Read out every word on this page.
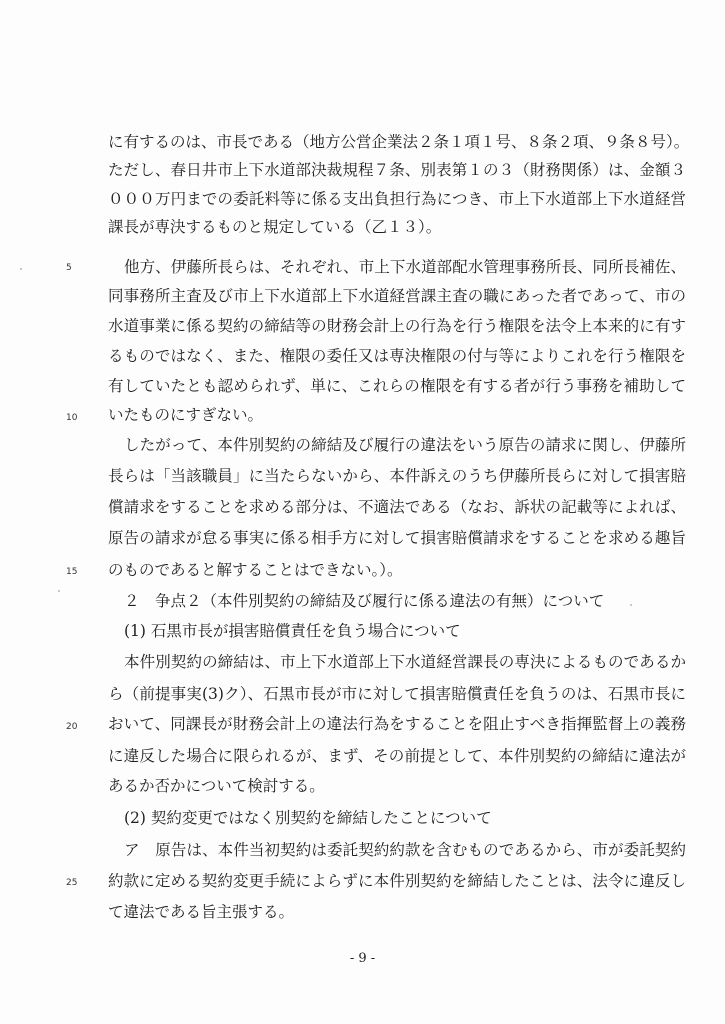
に有するのは、市長である（地方公営企業法２条１項１号、８条２項、９条８号）。
ただし、春日井市上下水道部決裁規程７条、別表第１の３（財務関係）は、金額３
０００万円までの委託料等に係る支出負担行為につき、市上下水道部上下水道経営
課長が専決するものと規定している（乙１３）。
5	他方、伊藤所長らは、それぞれ、市上下水道部配水管理事務所長、同所長補佐、
同事務所主査及び市上下水道部上下水道経営課主査の職にあった者であって、市の
水道事業に係る契約の締結等の財務会計上の行為を行う権限を法令上本来的に有す
るものではなく、また、権限の委任又は専決権限の付与等によりこれを行う権限を
有していたとも認められず、単に、これらの権限を有する者が行う事務を補助して
10	いたものにすぎない。
したがって、本件別契約の締結及び履行の違法をいう原告の請求に関し、伊藤所
長らは「当該職員」に当たらないから、本件訴えのうち伊藤所長らに対して損害賠
償請求をすることを求める部分は、不適法である（なお、訴状の記載等によれば、
原告の請求が怠る事実に係る相手方に対して損害賠償請求をすることを求める趣旨
15	のものであると解することはできない。）。
２　争点２（本件別契約の締結及び履行に係る違法の有無）について
(1) 石黒市長が損害賠償責任を負う場合について
本件別契約の締結は、市上下水道部上下水道経営課長の専決によるものであるか
ら（前提事実(3)ク）、石黒市長が市に対して損害賠償責任を負うのは、石黒市長に
20	おいて、同課長が財務会計上の違法行為をすることを阻止すべき指揮監督上の義務
に違反した場合に限られるが、まず、その前提として、本件別契約の締結に違法が
あるか否かについて検討する。
(2) 契約変更ではなく別契約を締結したことについて
ア　原告は、本件当初契約は委託契約約款を含むものであるから、市が委託契約
25	約款に定める契約変更手続によらずに本件別契約を締結したことは、法令に違反し
て違法である旨主張する。
- 9 -
